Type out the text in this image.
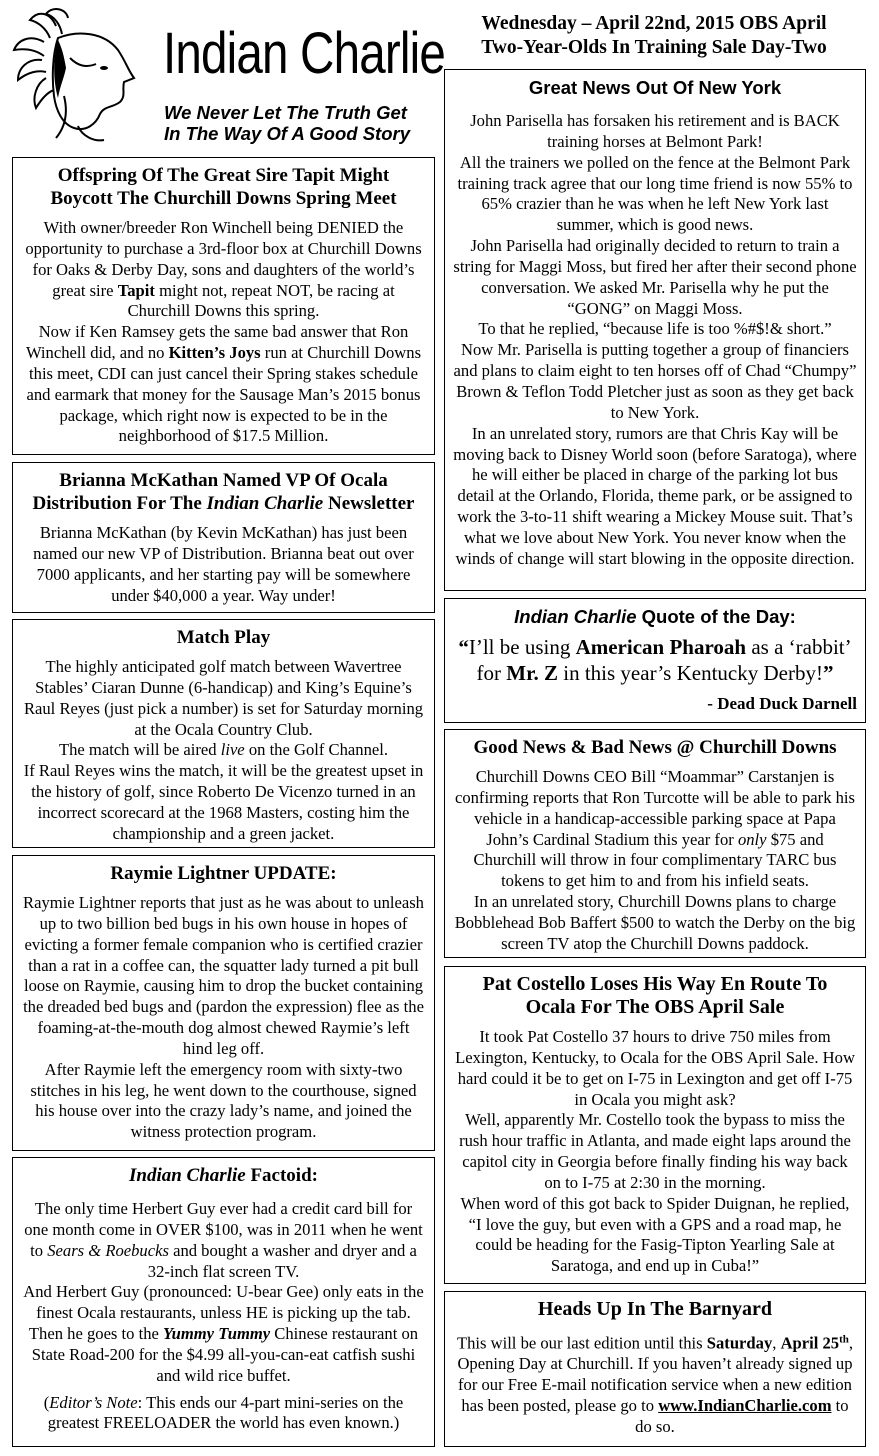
Indian Charlie
We Never Let The Truth Get
In The Way Of A Good Story
Wednesday – April 22nd, 2015 OBS April
Two-Year-Olds In Training Sale Day-Two
Offspring Of The Great Sire Tapit Might
Boycott The Churchill Downs Spring Meet

With owner/breeder Ron Winchell being DENIED the opportunity to purchase a 3rd-floor box at Churchill Downs for Oaks & Derby Day, sons and daughters of the world’s great sire Tapit might not, repeat NOT, be racing at Churchill Downs this spring.

Now if Ken Ramsey gets the same bad answer that Ron Winchell did, and no Kitten’s Joys run at Churchill Downs this meet, CDI can just cancel their Spring stakes schedule and earmark that money for the Sausage Man’s 2015 bonus package, which right now is expected to be in the neighborhood of $17.5 Million.

Brianna McKathan Named VP Of Ocala
Distribution For The Indian Charlie Newsletter

Brianna McKathan (by Kevin McKathan) has just been named our new VP of Distribution. Brianna beat out over 7000 applicants, and her starting pay will be somewhere under $40,000 a year. Way under!

Match Play

The highly anticipated golf match between Wavertree Stables’ Ciaran Dunne (6-handicap) and King’s Equine’s Raul Reyes (just pick a number) is set for Saturday morning at the Ocala Country Club.

The match will be aired live on the Golf Channel.

If Raul Reyes wins the match, it will be the greatest upset in the history of golf, since Roberto De Vicenzo turned in an incorrect scorecard at the 1968 Masters, costing him the championship and a green jacket.

Raymie Lightner UPDATE:

Raymie Lightner reports that just as he was about to unleash up to two billion bed bugs in his own house in hopes of evicting a former female companion who is certified crazier than a rat in a coffee can, the squatter lady turned a pit bull loose on Raymie, causing him to drop the bucket containing the dreaded bed bugs and (pardon the expression) flee as the foaming-at-the-mouth dog almost chewed Raymie’s left hind leg off.

After Raymie left the emergency room with sixty-two stitches in his leg, he went down to the courthouse, signed his house over into the crazy lady’s name, and joined the witness protection program.

Indian Charlie Factoid:

The only time Herbert Guy ever had a credit card bill for one month come in OVER $100, was in 2011 when he went to Sears & Roebucks and bought a washer and dryer and a 32-inch flat screen TV.

And Herbert Guy (pronounced: U-bear Gee) only eats in the finest Ocala restaurants, unless HE is picking up the tab. Then he goes to the Yummy Tummy Chinese restaurant on State Road-200 for the $4.99 all-you-can-eat catfish sushi and wild rice buffet.

(Editor’s Note: This ends our 4-part mini-series on the greatest FREELOADER the world has even known.)

Great News Out Of New York

John Parisella has forsaken his retirement and is BACK training horses at Belmont Park!

All the trainers we polled on the fence at the Belmont Park training track agree that our long time friend is now 55% to 65% crazier than he was when he left New York last summer, which is good news.

John Parisella had originally decided to return to train a string for Maggi Moss, but fired her after their second phone conversation. We asked Mr. Parisella why he put the “GONG” on Maggi Moss.

To that he replied, “because life is too %#$!& short.”

Now Mr. Parisella is putting together a group of financiers and plans to claim eight to ten horses off of Chad “Chumpy” Brown & Teflon Todd Pletcher just as soon as they get back to New York.

In an unrelated story, rumors are that Chris Kay will be moving back to Disney World soon (before Saratoga), where he will either be placed in charge of the parking lot bus detail at the Orlando, Florida, theme park, or be assigned to work the 3-to-11 shift wearing a Mickey Mouse suit. That’s what we love about New York. You never know when the winds of change will start blowing in the opposite direction.

Indian Charlie Quote of the Day:
“I’ll be using American Pharoah as a ‘rabbit’ for Mr. Z in this year’s Kentucky Derby!”
- Dead Duck Darnell
Good News & Bad News @ Churchill Downs

Churchill Downs CEO Bill “Moammar” Carstanjen is confirming reports that Ron Turcotte will be able to park his vehicle in a handicap-accessible parking space at Papa John’s Cardinal Stadium this year for only $75 and Churchill will throw in four complimentary TARC bus tokens to get him to and from his infield seats.

In an unrelated story, Churchill Downs plans to charge Bobblehead Bob Baffert $500 to watch the Derby on the big screen TV atop the Churchill Downs paddock.

Pat Costello Loses His Way En Route To
Ocala For The OBS April Sale

It took Pat Costello 37 hours to drive 750 miles from Lexington, Kentucky, to Ocala for the OBS April Sale. How hard could it be to get on I-75 in Lexington and get off I-75 in Ocala you might ask?

Well, apparently Mr. Costello took the bypass to miss the rush hour traffic in Atlanta, and made eight laps around the capitol city in Georgia before finally finding his way back on to I-75 at 2:30 in the morning.

When word of this got back to Spider Duignan, he replied, “I love the guy, but even with a GPS and a road map, he could be heading for the Fasig-Tipton Yearling Sale at Saratoga, and end up in Cuba!”

Heads Up In The Barnyard

This will be our last edition until this Saturday, April 25th, Opening Day at Churchill. If you haven’t already signed up for our Free E-mail notification service when a new edition has been posted, please go to www.IndianCharlie.com to do so.
